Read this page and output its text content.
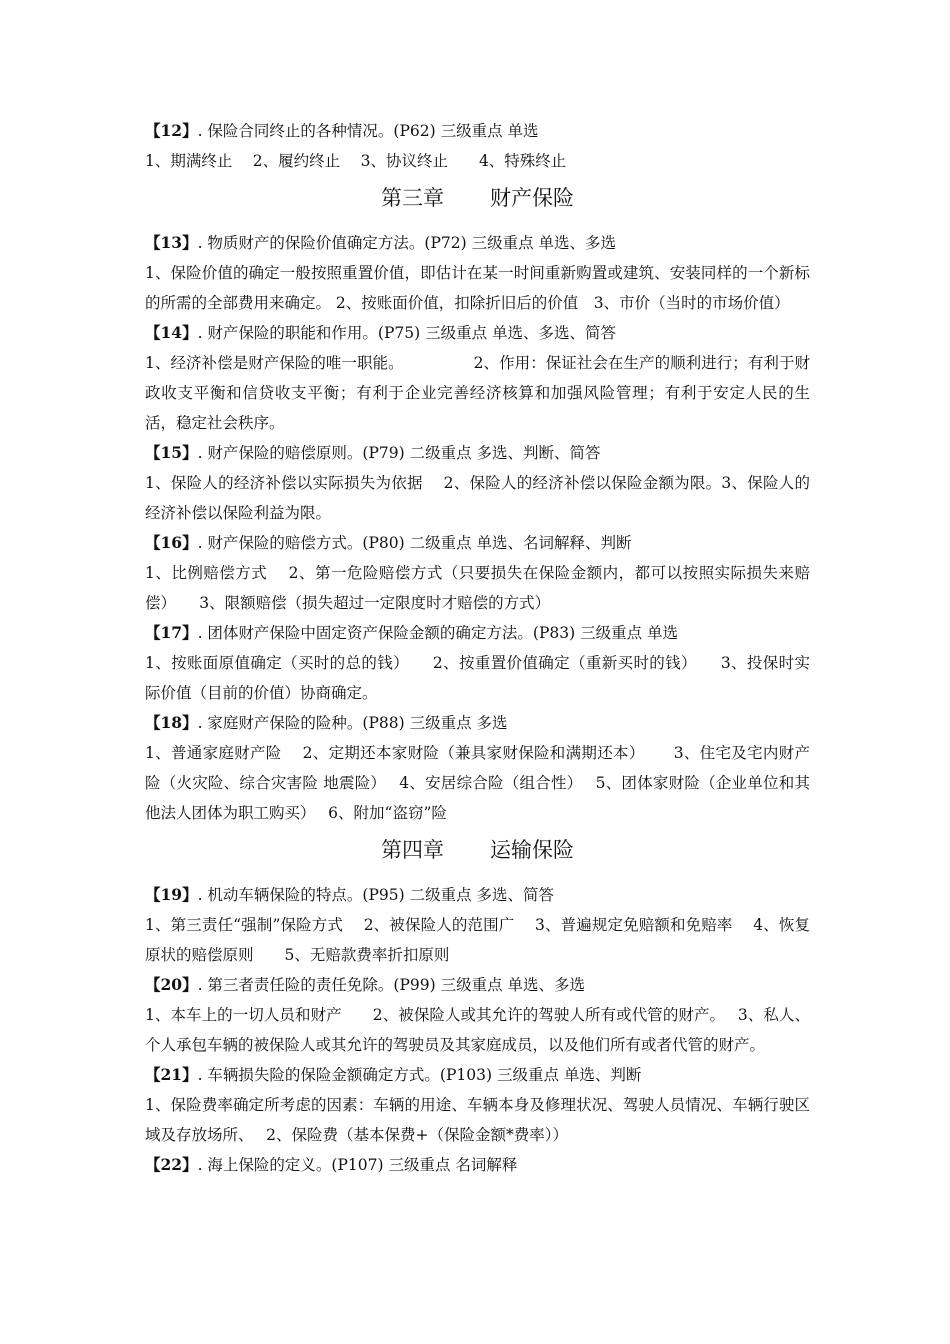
【12】. 保险合同终止的各种情况。(P62) 三级重点 单选

1、期满终止　 2、履约终止　 3、协议终止　　4、特殊终止

第三章 财产保险

【13】. 物质财产的保险价值确定方法。(P72) 三级重点 单选、多选

1、保险价值的确定一般按照重置价值，即估计在某一时间重新购置或建筑、安装同样的一个新标的所需的全部费用来确定。 2、按账面价值，扣除折旧后的价值　3、市价（当时的市场价值）

【14】. 财产保险的职能和作用。(P75) 三级重点 单选、多选、简答

1、经济补偿是财产保险的唯一职能。　　　　　2、作用：保证社会在生产的顺利进行；有利于财政收支平衡和信贷收支平衡；有利于企业完善经济核算和加强风险管理；有利于安定人民的生活，稳定社会秩序。

【15】. 财产保险的赔偿原则。(P79) 二级重点 多选、判断、简答

1、保险人的经济补偿以实际损失为依据　 2、保险人的经济补偿以保险金额为限。3、保险人的经济补偿以保险利益为限。

【16】. 财产保险的赔偿方式。(P80) 二级重点 单选、名词解释、判断

1、比例赔偿方式　 2、第一危险赔偿方式（只要损失在保险金额内，都可以按照实际损失来赔偿）　　3、限额赔偿（损失超过一定限度时才赔偿的方式）

【17】. 团体财产保险中固定资产保险金额的确定方法。(P83) 三级重点 单选

1、按账面原值确定（买时的总的钱）　　2、按重置价值确定（重新买时的钱）　　3、投保时实际价值（目前的价值）协商确定。

【18】. 家庭财产保险的险种。(P88) 三级重点 多选

1、普通家庭财产险　 2、定期还本家财险（兼具家财保险和满期还本）　　 3、住宅及宅内财产险（火灾险、综合灾害险 地震险）　 4、安居综合险（组合性）　 5、团体家财险（企业单位和其他法人团体为职工购买）　 6、附加“盗窃”险

第四章 运输保险

【19】. 机动车辆保险的特点。(P95) 二级重点 多选、简答

1、第三责任“强制”保险方式　 2、被保险人的范围广　 3、普遍规定免赔额和免赔率　 4、恢复原状的赔偿原则　　5、无赔款费率折扣原则

【20】. 第三者责任险的责任免除。(P99) 三级重点 单选、多选

1、本车上的一切人员和财产　　2、被保险人或其允许的驾驶人所有或代管的财产。　 3、私人、个人承包车辆的被保险人或其允许的驾驶员及其家庭成员，以及他们所有或者代管的财产。

【21】. 车辆损失险的保险金额确定方式。(P103) 三级重点 单选、判断

1、保险费率确定所考虑的因素：车辆的用途、车辆本身及修理状况、驾驶人员情况、车辆行驶区域及存放场所、　 2、保险费（基本保费+（保险金额*费率））

【22】. 海上保险的定义。(P107) 三级重点 名词解释
